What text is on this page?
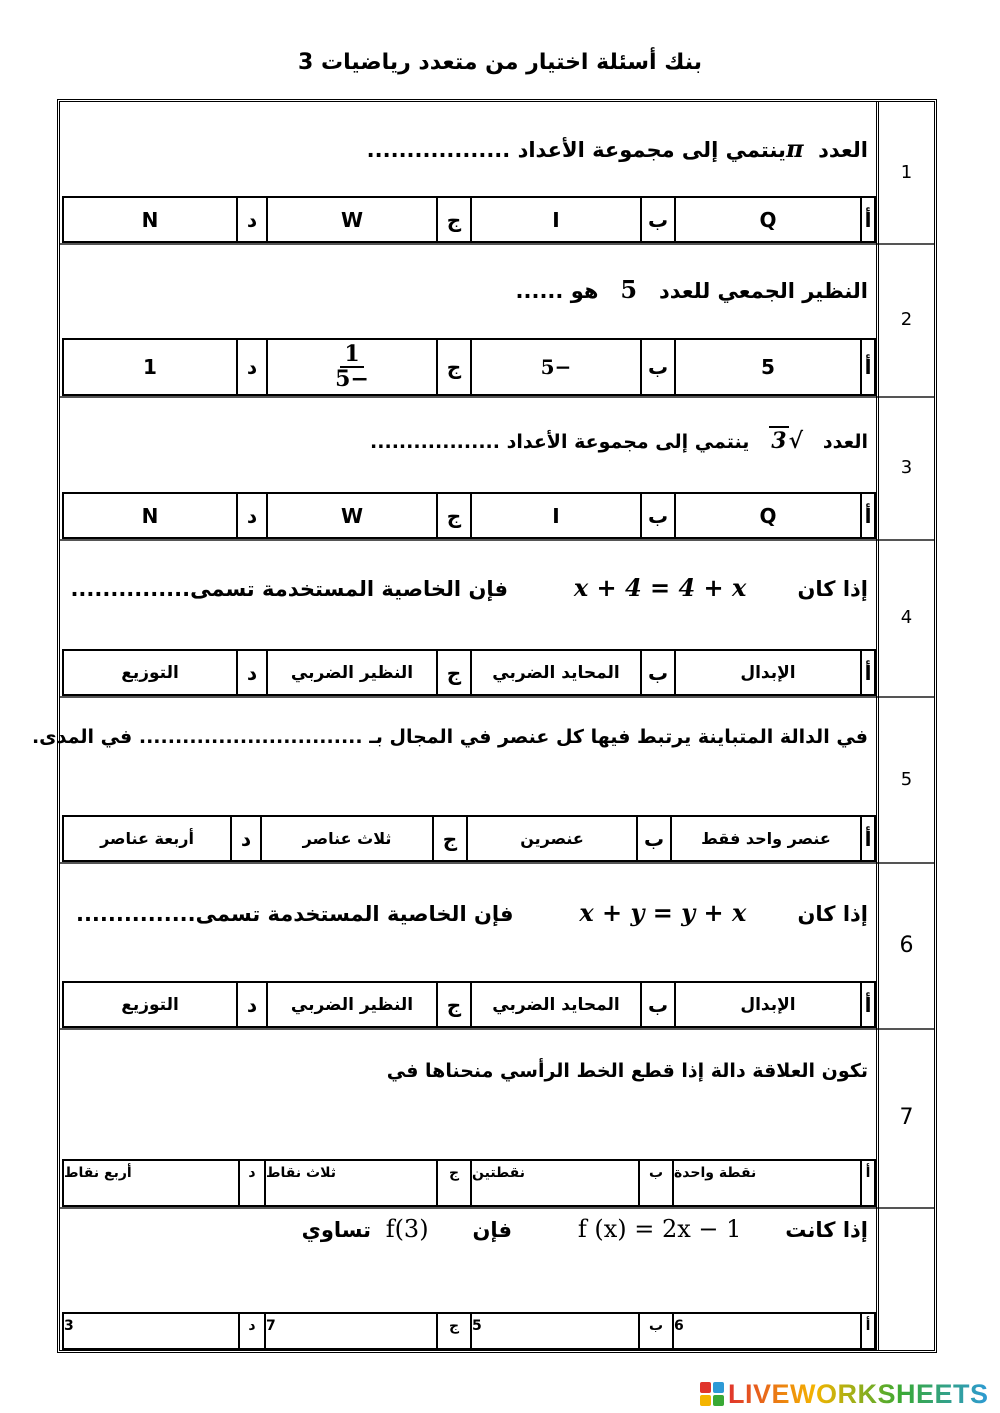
بنك أسئلة اختيار من متعدد رياضيات 3
1
العدد  πينتمي إلى مجموعة الأعداد ..................
أ
Q
ب
I
ج
W
د
N
2
النظير الجمعي للعدد   5   هو ......
أ
5
ب
−5
ج
$\frac{1}{-5}$
د
1
3
العدد   √3   ينتمي إلى مجموعة الأعداد ..................
أ
Q
ب
I
ج
W
د
N
4
إذا كان       x + 4 = 4 + x         فإن الخاصية المستخدمة تسمى...............
أ
الإبدال
ب
المحايد الضربي
ج
النظير الضربي
د
التوزيع
5
في الدالة المتباينة يرتبط فيها كل عنصر في المجال بـ ............................... في المدى.
أ
عنصر واحد فقط
ب
عنصرين
ج
ثلاث عناصر
د
أربعة عناصر
6
إذا كان       x + y = y + x         فإن الخاصية المستخدمة تسمى...............
أ
الإبدال
ب
المحايد الضربي
ج
النظير الضربي
د
التوزيع
7
تكون العلاقة دالة إذا قطع الخط الرأسي منحناها في
أ
نقطة واحدة
ب
نقطتين
ج
ثلاث نقاط
د
أربع نقاط
إذا كانت      f (x) = 2x − 1         فإن      f(3)  تساوي
أ
6
ب
5
ج
7
د
3
LIVEWORKSHEETS
